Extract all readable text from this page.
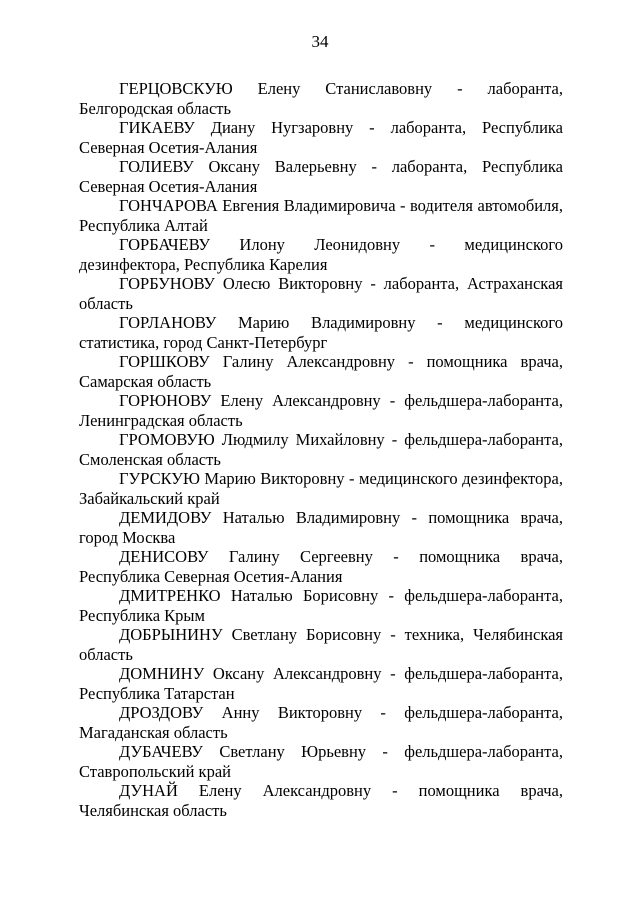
34

ГЕРЦОВСКУЮ Елену Станиславовну - лаборанта, Белгородская область

ГИКАЕВУ Диану Нугзаровну - лаборанта, Республика Северная Осетия-Алания

ГОЛИЕВУ Оксану Валерьевну - лаборанта, Республика Северная Осетия-Алания

ГОНЧАРОВА Евгения Владимировича - водителя автомобиля, Республика Алтай

ГОРБАЧЕВУ Илону Леонидовну - медицинского дезинфектора, Республика Карелия

ГОРБУНОВУ Олесю Викторовну - лаборанта, Астраханская область

ГОРЛАНОВУ Марию Владимировну - медицинского статистика, город Санкт-Петербург

ГОРШКОВУ Галину Александровну - помощника врача, Самарская область

ГОРЮНОВУ Елену Александровну - фельдшера-лаборанта, Ленинградская область

ГРОМОВУЮ Людмилу Михайловну - фельдшера-лаборанта, Смоленская область

ГУРСКУЮ Марию Викторовну - медицинского дезинфектора, Забайкальский край

ДЕМИДОВУ Наталью Владимировну - помощника врача, город Москва

ДЕНИСОВУ Галину Сергеевну - помощника врача, Республика Северная Осетия-Алания

ДМИТРЕНКО Наталью Борисовну - фельдшера-лаборанта, Республика Крым

ДОБРЫНИНУ Светлану Борисовну - техника, Челябинская область

ДОМНИНУ Оксану Александровну - фельдшера-лаборанта, Республика Татарстан

ДРОЗДОВУ Анну Викторовну - фельдшера-лаборанта, Магаданская область

ДУБАЧЕВУ Светлану Юрьевну - фельдшера-лаборанта, Ставропольский край

ДУНАЙ Елену Александровну - помощника врача, Челябинская область
